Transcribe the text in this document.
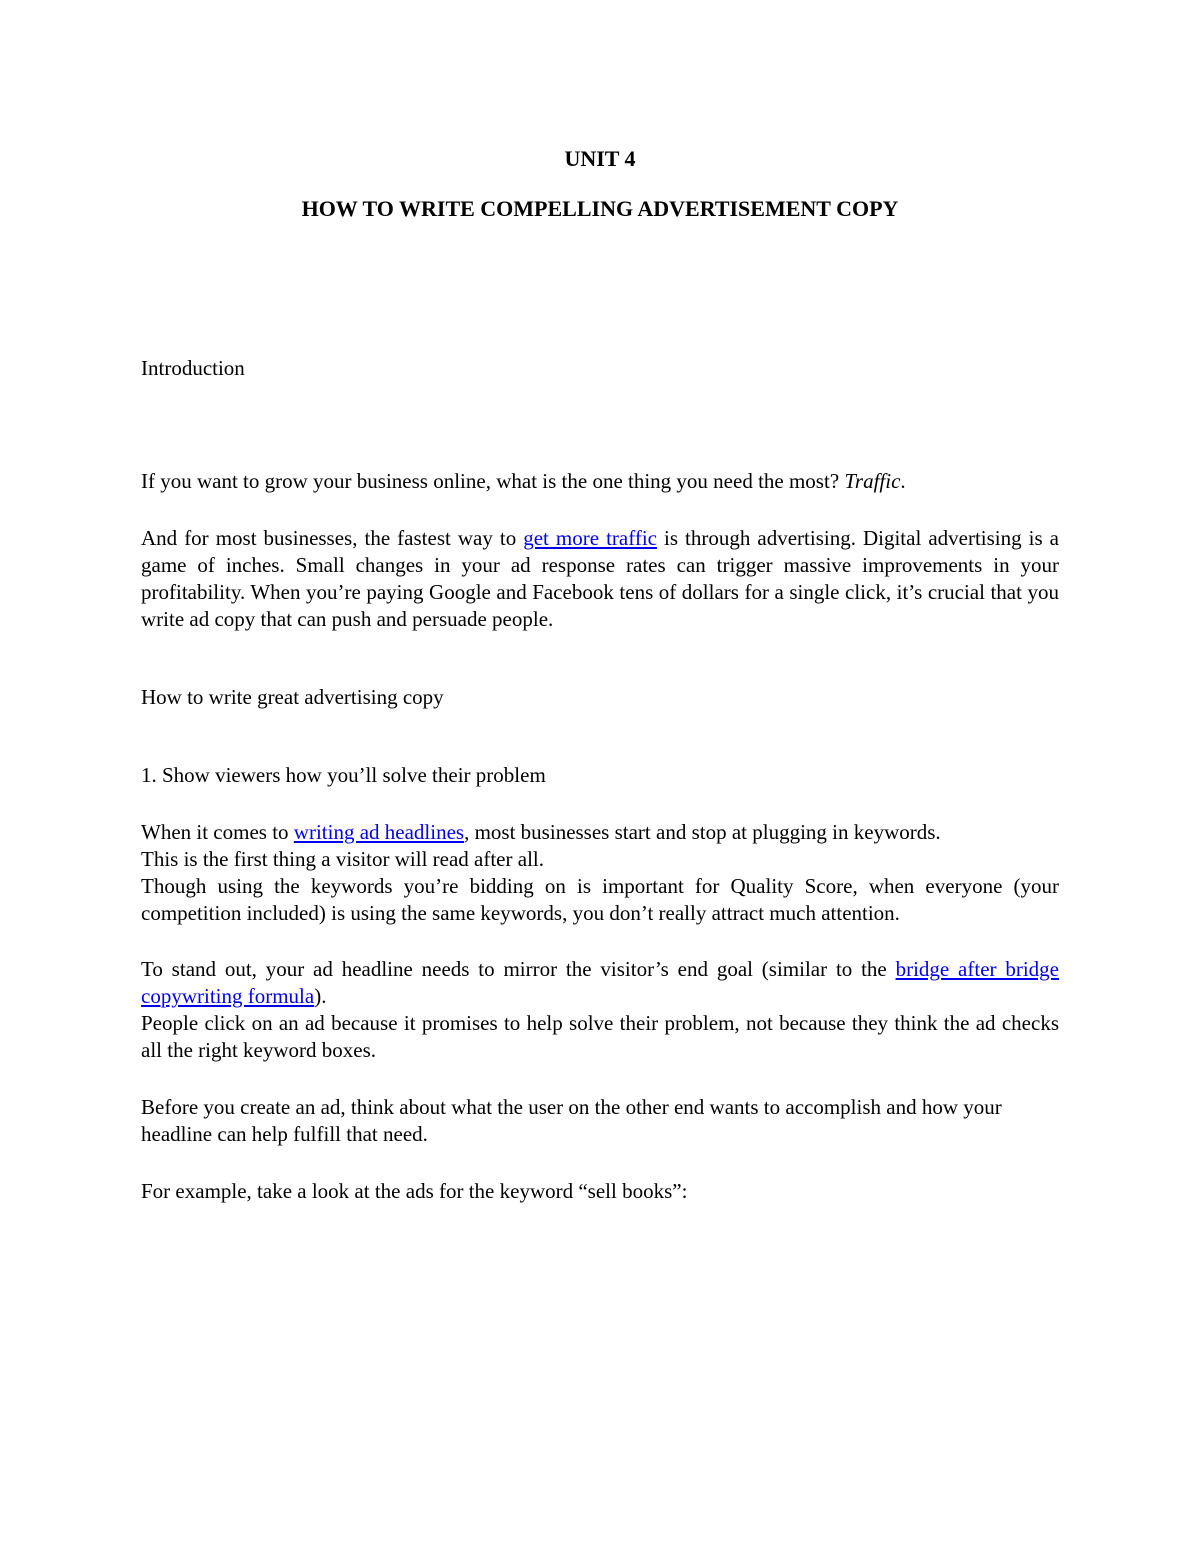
UNIT 4

HOW TO WRITE COMPELLING ADVERTISEMENT COPY

Introduction

If you want to grow your business online, what is the one thing you need the most? Traffic.

And for most businesses, the fastest way to get more traffic is through advertising. Digital advertising is a game of inches. Small changes in your ad response rates can trigger massive improvements in your profitability. When you’re paying Google and Facebook tens of dollars for a single click, it’s crucial that you write ad copy that can push and persuade people.

How to write great advertising copy

1. Show viewers how you’ll solve their problem

When it comes to writing ad headlines, most businesses start and stop at plugging in keywords.
This is the first thing a visitor will read after all.
Though using the keywords you’re bidding on is important for Quality Score, when everyone (your competition included) is using the same keywords, you don’t really attract much attention.
To stand out, your ad headline needs to mirror the visitor’s end goal (similar to the bridge after bridge copywriting formula).
People click on an ad because it promises to help solve their problem, not because they think the ad checks all the right keyword boxes.

Before you create an ad, think about what the user on the other end wants to accomplish and how your headline can help fulfill that need.

For example, take a look at the ads for the keyword “sell books”:
